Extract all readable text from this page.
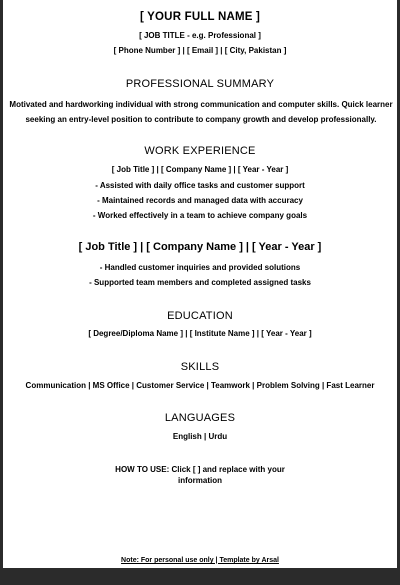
[ YOUR FULL NAME ]

[ JOB TITLE - e.g. Professional ]

[ Phone Number ] | [ Email ] | [ City, Pakistan ]

PROFESSIONAL SUMMARY

Motivated and hardworking individual with strong communication and computer skills. Quick learner seeking an entry-level position to contribute to company growth and develop professionally.

WORK EXPERIENCE

[ Job Title ] | [ Company Name ] | [ Year - Year ]

- Assisted with daily office tasks and customer support

- Maintained records and managed data with accuracy

- Worked effectively in a team to achieve company goals

[ Job Title ] | [ Company Name ] | [ Year - Year ]

- Handled customer inquiries and provided solutions

- Supported team members and completed assigned tasks

EDUCATION

[ Degree/Diploma Name ] | [ Institute Name ] | [ Year - Year ]

SKILLS

Communication | MS Office | Customer Service | Teamwork | Problem Solving | Fast Learner

LANGUAGES

English | Urdu

HOW TO USE: Click [ ] and replace with your information

Note: For personal use only | Template by Arsal
